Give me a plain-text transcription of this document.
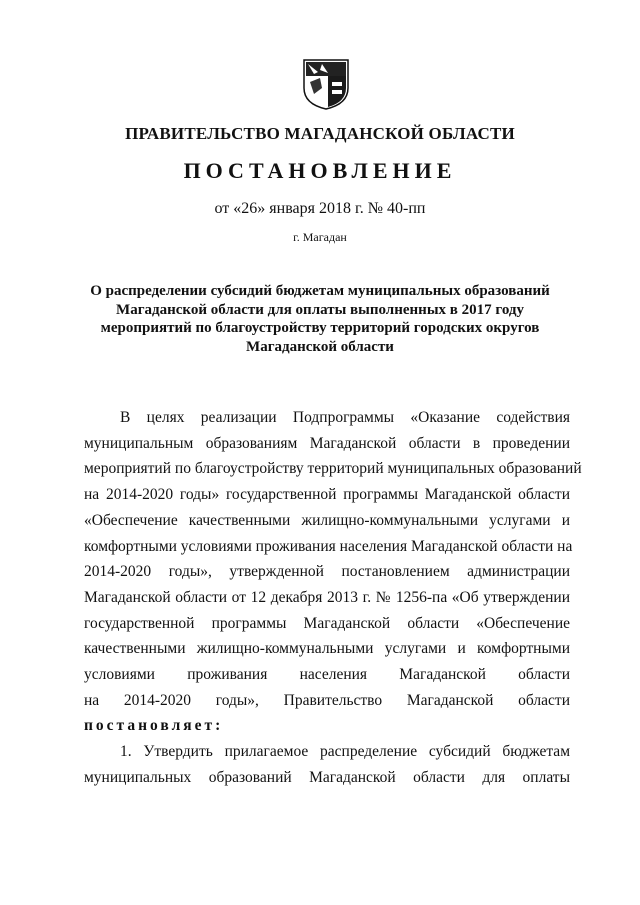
ПРАВИТЕЛЬСТВО МАГАДАНСКОЙ ОБЛАСТИ
ПОСТАНОВЛЕНИЕ
от «26» января 2018 г. № 40-пп
г. Магадан
О распределении субсидий бюджетам муниципальных образований
Магаданской области для оплаты выполненных в 2017 году
мероприятий по благоустройству территорий городских округов
Магаданской области
В целях реализации Подпрограммы «Оказание содействия
муниципальным образованиям Магаданской области в проведении
мероприятий по благоустройству территорий муниципальных образований
на 2014-2020 годы» государственной программы Магаданской области
«Обеспечение качественными жилищно-коммунальными услугами и
комфортными условиями проживания населения Магаданской области на
2014-2020 годы», утвержденной постановлением администрации
Магаданской области от 12 декабря 2013 г. № 1256-па «Об утверждении
государственной программы Магаданской области «Обеспечение
качественными жилищно-коммунальными услугами и комфортными
условиями проживания населения Магаданской области
на 2014-2020 годы», Правительство Магаданской области
постановляет:
1. Утвердить прилагаемое распределение субсидий бюджетам
муниципальных образований Магаданской области для оплаты
